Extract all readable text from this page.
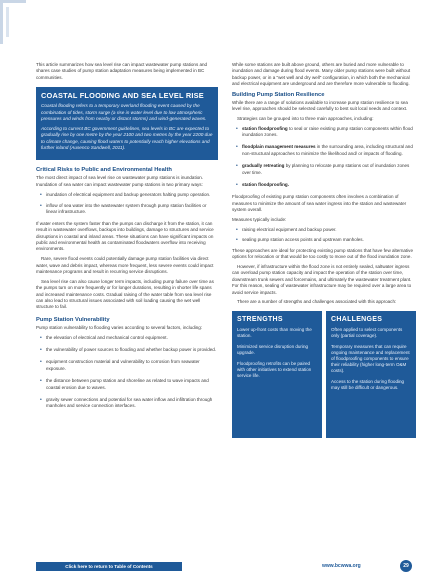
This article summarizes how sea level rise can impact wastewater pump stations and shares case studies of pump station adaptation measures being implemented in BC communities.

COASTAL FLOODING AND SEA LEVEL RISE

Coastal flooding refers to a temporary overland flooding event caused by the combination of tides, storm surge (a rise in water level due to low atmospheric pressures and winds from nearby or distant storms) and wind-generated waves.

According to current BC government guidelines, sea levels in BC are expected to gradually rise by one metre by the year 2100 and two metres by the year 2200 due to climate change, causing flood waters to potentially reach higher elevations and further inland (Ausenco Sandwell, 2011).

Critical Risks to Public and Environmental Health

The most direct impact of sea level rise on wastewater pump stations is inundation. Inundation of sea water can impact wastewater pump stations in two primary ways:

• inundation of electrical equipment and backup generators halting pump operation.
• inflow of sea water into the wastewater system through pump station facilities or linear infrastructure.

If water enters the system faster than the pumps can discharge it from the station, it can result in wastewater overflows, backups into buildings, damage to structures and service disruptions in coastal and inland areas. These situations can have significant impacts on public and environmental health as contaminated floodwaters overflow into receiving environments.

Rare, severe flood events could potentially damage pump station facilities via direct water, wave and debris impact, whereas more frequent, less severe events could impact maintenance programs and result in recurring service disruptions.

Sea level rise can also cause longer term impacts, including pump failure over time as the pumps turn on more frequently or for longer durations, resulting in shorter life spans and increased maintenance costs. Gradual raising of the water table from sea level rise can also lead to structural issues associated with soil loading causing the wet well structure to fail.

Pump Station Vulnerability

Pump station vulnerability to flooding varies according to several factors, including:

• the elevation of electrical and mechanical control equipment.
• the vulnerability of power sources to flooding and whether backup power is provided.
• equipment construction material and vulnerability to corrosion from seawater exposure.
• the distance between pump station and shoreline as related to wave impacts and coastal erosion due to waves.
• gravity sewer connections and potential for sea water inflow and infiltration through manholes and service connection interfaces.

While some stations are built above ground, others are buried and more vulnerable to inundation and damage during flood events. Many older pump stations were built without backup power, or in a "wet well and dry well" configuration, in which both the mechanical and electrical equipment are underground and are therefore more vulnerable to flooding.

Building Pump Station Resilience

While there are a range of solutions available to increase pump station resilience to sea level rise, approaches should be selected carefully to best suit local needs and context.

Strategies can be grouped into to three main approaches, including:

• station floodproofing to seal or raise existing pump station components within flood inundation zones.
• floodplain management measures in the surrounding area, including structural and non-structural approaches to minimize the likelihood and/ or impacts of flooding.
• gradually retreating by planning to relocate pump stations out of inundation zones over time.
• station floodproofing.

Floodproofing of existing pump station components often involves a combination of measures to minimize the amount of sea water ingress into the station and wastewater system overall.

Measures typically include:

• raising electrical equipment and backup power.
• sealing pump station access points and upstream manholes.

These approaches are ideal for protecting existing pump stations that have few alternative options for relocation or that would be too costly to move out of the flood inundation zone.

However, if infrastructure within the flood zone is not entirely sealed, saltwater ingress can overload pump station capacity and impact the operation of the station over time, downstream trunk sewers and forcemains, and ultimately the wastewater treatment plant. For this reason, sealing of wastewater infrastructure may be required over a large area to avoid service impacts.

There are a number of strengths and challenges associated with this approach:

STRENGTHS

Lower up-front costs than moving the station.

Minimized service disruption during upgrade.

Floodproofing retrofits can be paired with other initiatives to extend station service life.

CHALLENGES

Often applied to select components only (partial coverage).

Temporary measures that can require ongoing maintenance and replacement of floodproofing components to ensure their reliability (higher long-term O&M costs).

Access to the station during flooding may still be difficult or dangerous.

Click here to return to Table of Contents	www.bcwwa.org	29
